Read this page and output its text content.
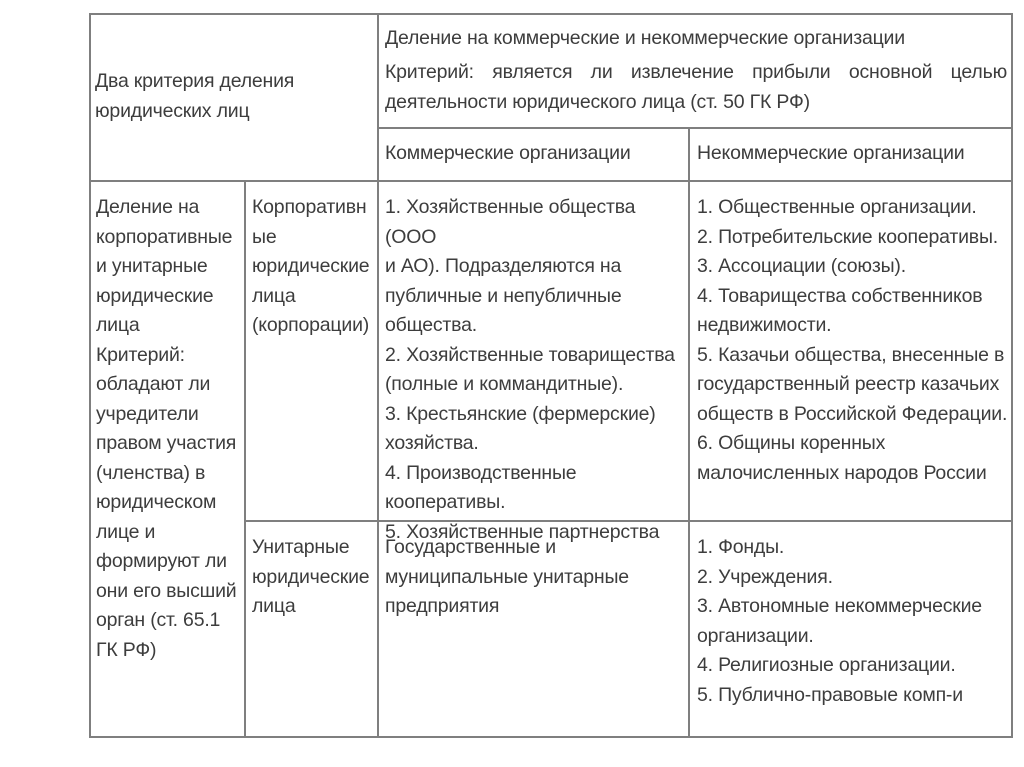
Два критерия деления
юридических лиц
Деление на коммерческие и некоммерческие организации
Критерий: является ли извлечение прибыли основной целью деятельности юридического лица (ст. 50 ГК РФ)
Коммерческие организации	Некоммерческие организации
Деление на
корпоративные
и унитарные
юридические
лица
Критерий:
обладают ли
учредители
правом участия
(членства) в
юридическом
лице и
формируют ли
они его высший
орган (ст. 65.1
ГК РФ)
Корпоративн
ые
юридические
лица
(корпорации)
1. Хозяйственные общества (ООО
и АО). Подразделяются на
публичные и непубличные
общества.
2. Хозяйственные товарищества
(полные и коммандитные).
3. Крестьянские (фермерские)
хозяйства.
4. Производственные кооперативы.
5. Хозяйственные партнерства
1. Общественные организации.
2. Потребительские кооперативы.
3. Ассоциации (союзы).
4. Товарищества собственников
недвижимости.
5. Казачьи общества, внесенные в
государственный реестр казачьих
обществ в Российской Федерации.
6. Общины коренных
малочисленных народов России
Унитарные
юридические
лица
Государственные и
муниципальные унитарные
предприятия
1. Фонды.
2. Учреждения.
3. Автономные некоммерческие
организации.
4. Религиозные организации.
5. Публично-правовые комп-и
